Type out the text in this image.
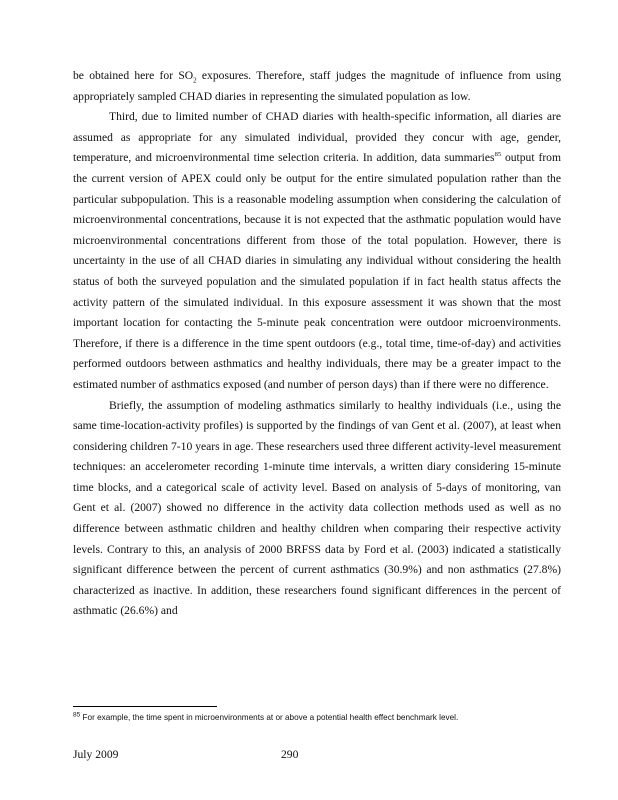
be obtained here for $SO_2$ exposures. Therefore, staff judges the magnitude of influence from using appropriately sampled CHAD diaries in representing the simulated population as low.

Third, due to limited number of CHAD diaries with health-specific information, all diaries are assumed as appropriate for any simulated individual, provided they concur with age, gender, temperature, and microenvironmental time selection criteria. In addition, data summaries$^{85}$ output from the current version of APEX could only be output for the entire simulated population rather than the particular subpopulation. This is a reasonable modeling assumption when considering the calculation of microenvironmental concentrations, because it is not expected that the asthmatic population would have microenvironmental concentrations different from those of the total population. However, there is uncertainty in the use of all CHAD diaries in simulating any individual without considering the health status of both the surveyed population and the simulated population if in fact health status affects the activity pattern of the simulated individual. In this exposure assessment it was shown that the most important location for contacting the 5-minute peak concentration were outdoor microenvironments. Therefore, if there is a difference in the time spent outdoors (e.g., total time, time-of-day) and activities performed outdoors between asthmatics and healthy individuals, there may be a greater impact to the estimated number of asthmatics exposed (and number of person days) than if there were no difference.

Briefly, the assumption of modeling asthmatics similarly to healthy individuals (i.e., using the same time-location-activity profiles) is supported by the findings of van Gent et al. (2007), at least when considering children 7-10 years in age. These researchers used three different activity-level measurement techniques: an accelerometer recording 1-minute time intervals, a written diary considering 15-minute time blocks, and a categorical scale of activity level. Based on analysis of 5-days of monitoring, van Gent et al. (2007) showed no difference in the activity data collection methods used as well as no difference between asthmatic children and healthy children when comparing their respective activity levels. Contrary to this, an analysis of 2000 BRFSS data by Ford et al. (2003) indicated a statistically significant difference between the percent of current asthmatics (30.9%) and non asthmatics (27.8%) characterized as inactive. In addition, these researchers found significant differences in the percent of asthmatic (26.6%) and

$^{85}$ For example, the time spent in microenvironments at or above a potential health effect benchmark level.
July 2009	290
